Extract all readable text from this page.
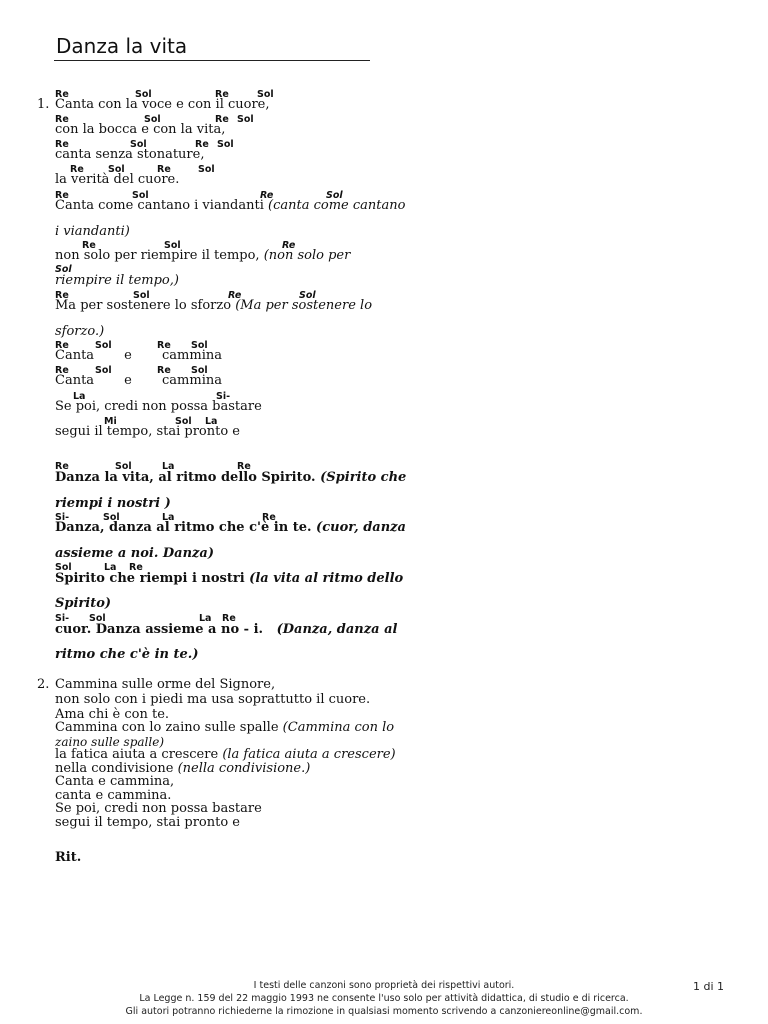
Danza la vita
1.
Re	Sol	Re	Sol
Canta con la voce e con il cuore,
Re	Sol	Re Sol
con la bocca e con la vita,
Re	Sol	Re Sol
canta senza stonature,
Re	Sol	Re	Sol
la verità del cuore.
Re	Sol	Re	Sol
Canta come cantano i viandanti (canta come cantano
i viandanti)
Re	Sol	Re
non solo per riempire il tempo, (non solo per
Sol
riempire il tempo,)
Re	Sol	Re	Sol
Ma per sostenere lo sforzo (Ma per sostenere lo
sforzo.)
Re	Sol	Re Sol
Canta e cammina
Re	Sol	Re Sol
Canta e cammina
La	Si-
Se poi, credi non possa bastare
Mi	Sol La
segui il tempo, stai pronto e
Re	Sol	La	Re
Danza la vita, al ritmo dello Spirito. (Spirito che
riempi i nostri )
Si-	Sol	La	Re
Danza, danza al ritmo che c'è in te. (cuor, danza
assieme a noi. Danza)
Sol	La Re
Spirito che riempi i nostri (la vita al ritmo dello
Spirito)
Si- Sol	La Re
cuor. Danza assieme a no - i. (Danza, danza al
ritmo che c'è in te.)
2. Cammina sulle orme del Signore,
non solo con i piedi ma usa soprattutto il cuore.
Ama chi è con te.
Cammina con lo zaino sulle spalle (Cammina con lo
zaino sulle spalle)
la fatica aiuta a crescere (la fatica aiuta a crescere)
nella condivisione (nella condivisione.)
Canta e cammina,
canta e cammina.
Se poi, credi non possa bastare
segui il tempo, stai pronto e
Rit.
I testi delle canzoni sono proprietà dei rispettivi autori.
La Legge n. 159 del 22 maggio 1993 ne consente l'uso solo per attività didattica, di studio e di ricerca.
Gli autori potranno richiederne la rimozione in qualsiasi momento scrivendo a canzoniereonline@gmail.com.
1 di 1
